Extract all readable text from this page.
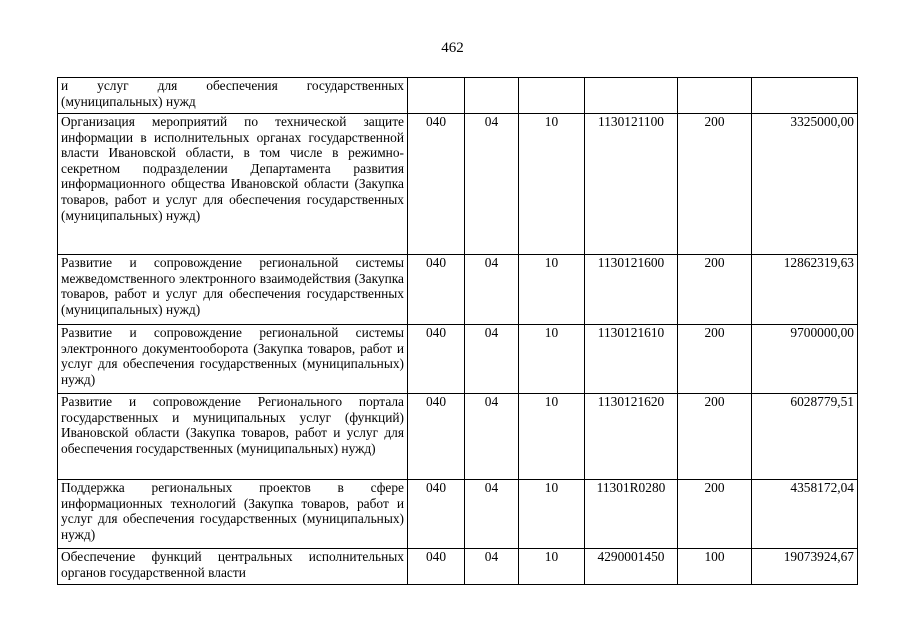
462
и услуг для обеспечения государственных (муниципальных) нужд						
Организация мероприятий по технической защите информации в исполнительных органах государственной власти Ивановской области, в том числе в режимно-секретном подразделении Департамента развития информационного общества Ивановской области (Закупка товаров, работ и услуг для обеспечения государственных (муниципальных) нужд)	040	04	10	1130121100	200	3325000,00
Развитие и сопровождение региональной системы межведомственного электронного взаимодействия (Закупка товаров, работ и услуг для обеспечения государственных (муниципальных) нужд)	040	04	10	1130121600	200	12862319,63
Развитие и сопровождение региональной системы электронного документооборота (Закупка товаров, работ и услуг для обеспечения государственных (муниципальных) нужд)	040	04	10	1130121610	200	9700000,00
Развитие и сопровождение Регионального портала государственных и муниципальных услуг (функций) Ивановской области (Закупка товаров, работ и услуг для обеспечения государственных (муниципальных) нужд)	040	04	10	1130121620	200	6028779,51
Поддержка региональных проектов в сфере информационных технологий (Закупка товаров, работ и услуг для обеспечения государственных (муниципальных) нужд)	040	04	10	11301R0280	200	4358172,04
Обеспечение функций центральных исполнительных органов государственной власти	040	04	10	4290001450	100	19073924,67
